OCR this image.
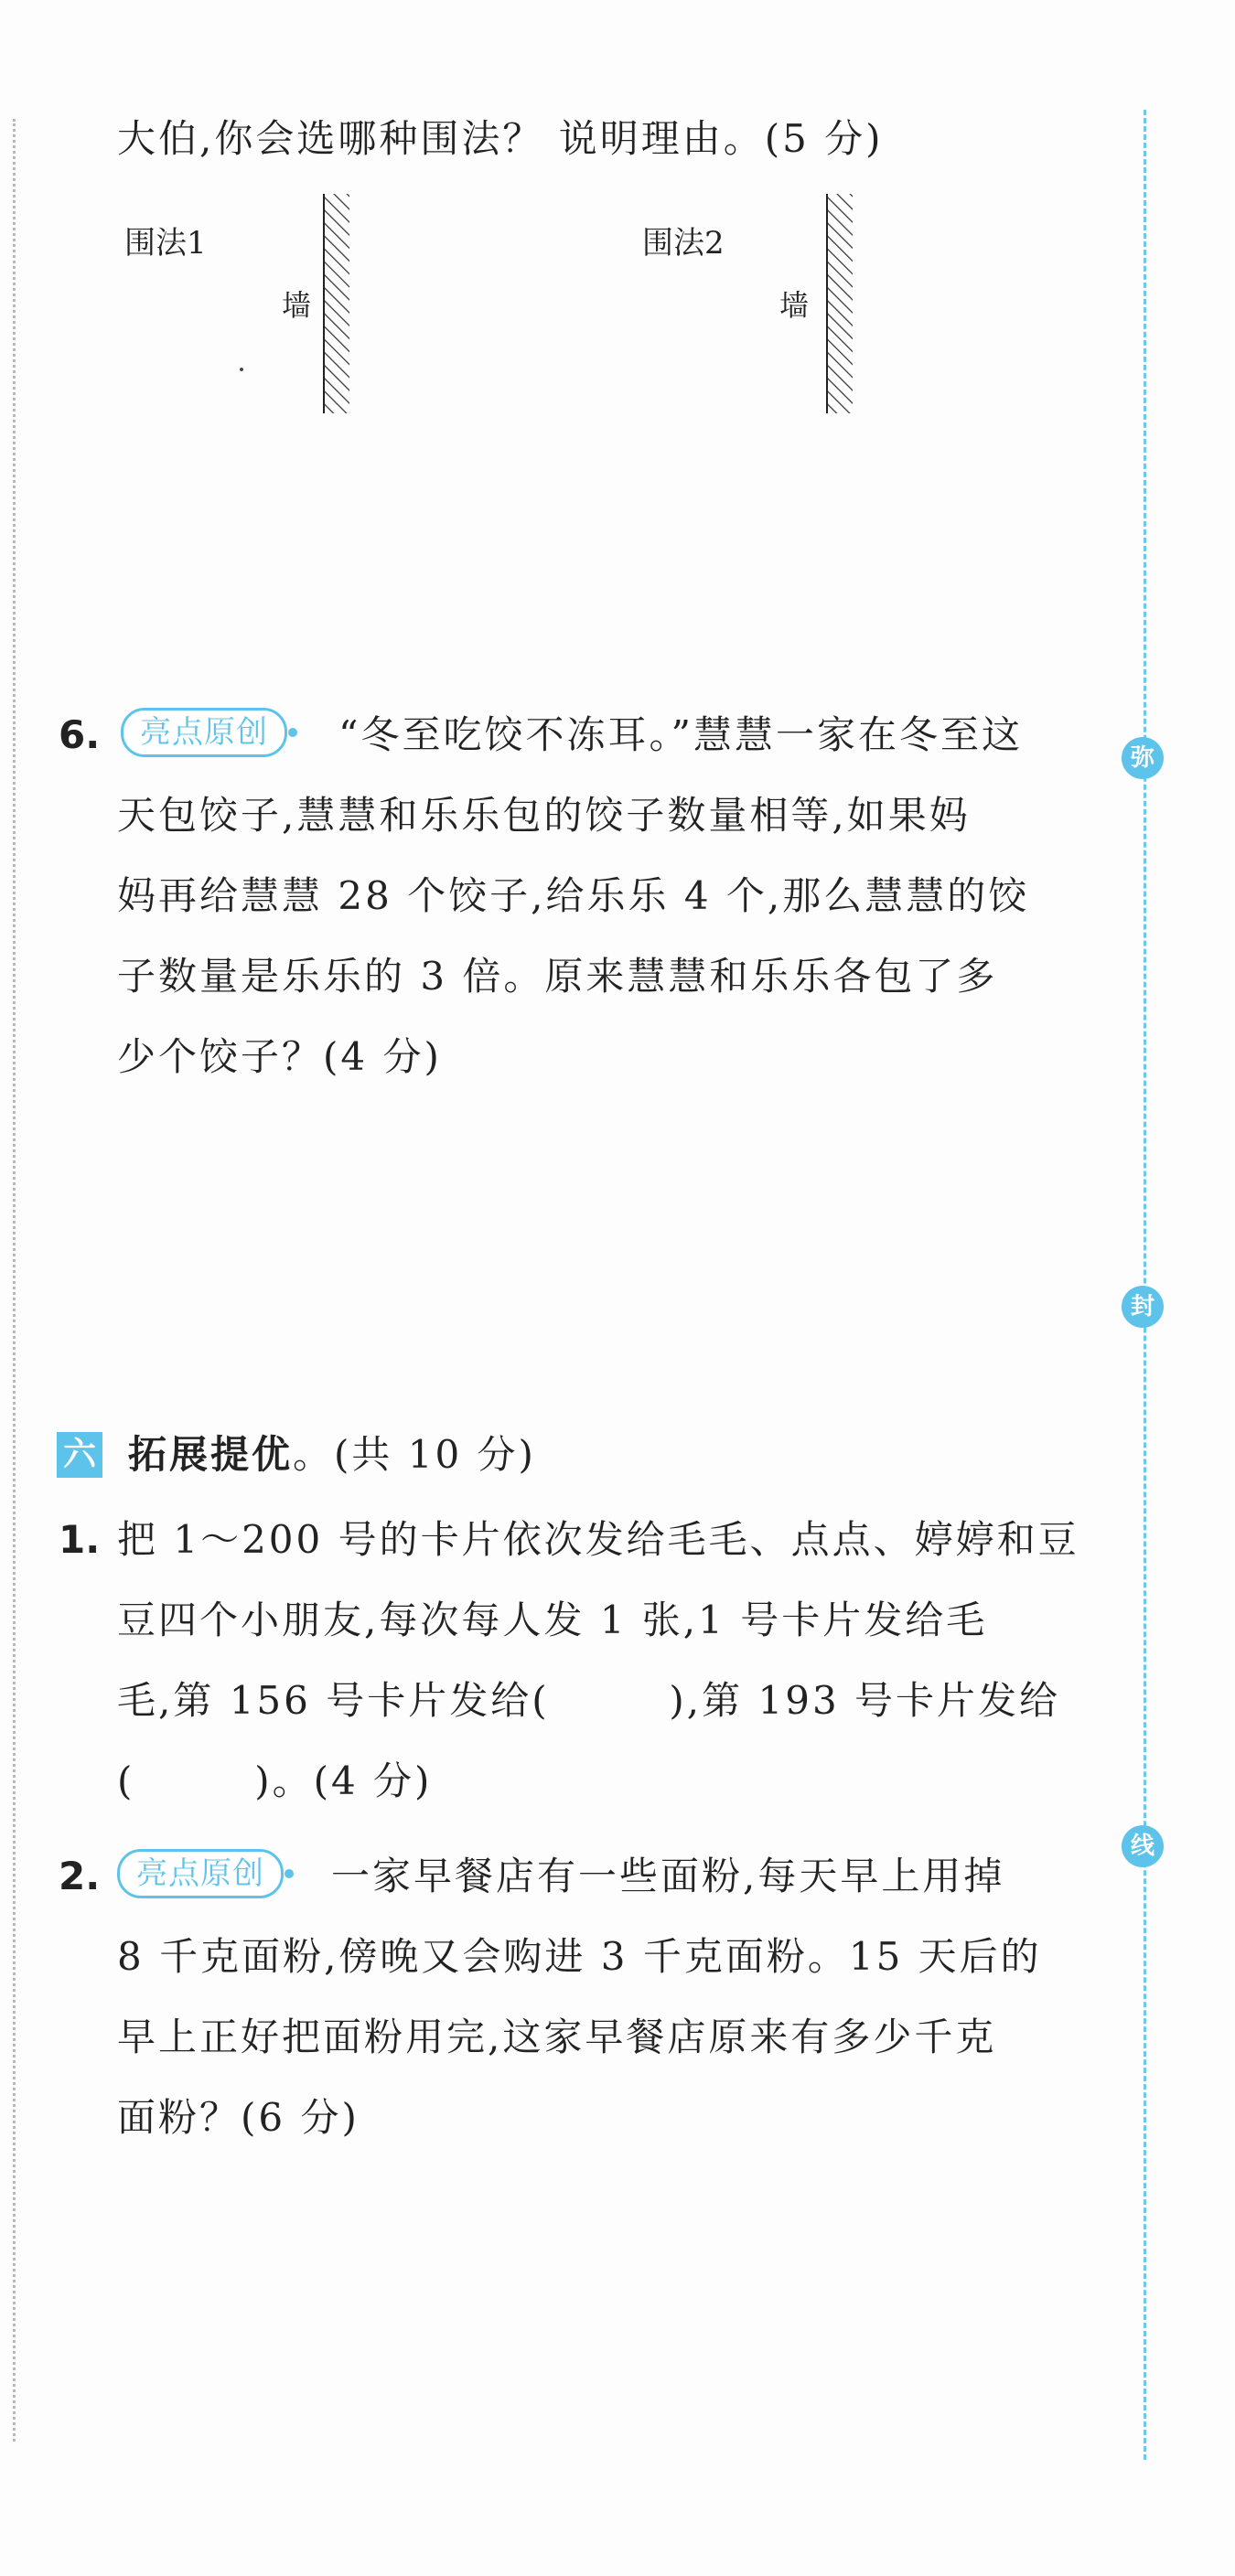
弥
封
线
大伯,你会选哪种围法？ 说明理由。(5 分)
围法1
墙
围法2
墙
6.	亮点原创	“冬至吃饺不冻耳。”慧慧一家在冬至这
天包饺子,慧慧和乐乐包的饺子数量相等,如果妈
妈再给慧慧 28 个饺子,给乐乐 4 个,那么慧慧的饺
子数量是乐乐的 3 倍。原来慧慧和乐乐各包了多
少个饺子？(4 分)
六 拓展提优。(共 10 分)
1. 把 1～200 号的卡片依次发给毛毛、点点、婷婷和豆
豆四个小朋友,每次每人发 1 张,1 号卡片发给毛
毛,第 156 号卡片发给(        ),第 193 号卡片发给
(        )。(4 分)
2.	亮点原创	一家早餐店有一些面粉,每天早上用掉
8 千克面粉,傍晚又会购进 3 千克面粉。15 天后的
早上正好把面粉用完,这家早餐店原来有多少千克
面粉？(6 分)
